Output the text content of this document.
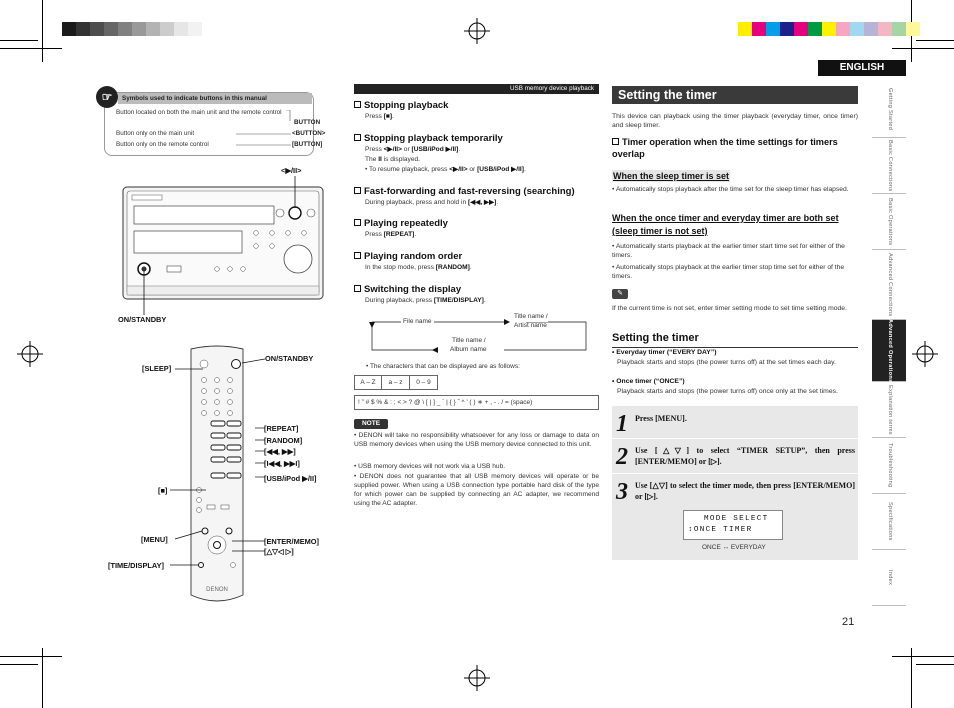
ENGLISH
Getting Started
Basic Connections
Basic Operations
Advanced Connections
Advanced Operations
Explanation terms
Troubleshooting
Specifications
Index
21
☞	Symbols used to indicate buttons in this manual
Button located on both the main unit and the remote control
BUTTON
Button only on the main unit	<BUTTON>
Button only on the remote control	[BUTTON]
<▶/II>
ON/STANDBY
DENON
[SLEEP]
ON/STANDBY
[REPEAT]
[RANDOM]
[◀◀, ▶▶]
[I◀◀, ▶▶I]
[■]
[USB/iPod ▶/II]
[MENU]	[ENTER/MEMO]
[△▽◁ ▷]
[TIME/DISPLAY]
USB memory device playback
Stopping playback
Press [■].
Stopping playback temporarily
Press <▶/II> or [USB/iPod ▶/II].
The II is displayed.
• To resume playback, press <▶/II> or [USB/iPod ▶/II].
Fast-forwarding and fast-reversing (searching)
During playback, press and hold in [◀◀, ▶▶].
Playing repeatedly
Press [REPEAT].
Playing random order
In the stop mode, press [RANDOM].
Switching the display
During playback, press [TIME/DISPLAY].
File name
Title name /
Artist name
Title name /
Album name
• The characters that can be displayed are as follows:
A – Z	a – z	0 – 9
! ” # $ % & : ; < > ? @ \ [ | ] _ ` | { } ˆ ^ ’ ( ) ∗ + , - . / = (space)
NOTE
• DENON will take no responsibility whatsoever for any loss or damage to data on USB memory devices when using the USB memory device connected to this unit.
• USB memory devices will not work via a USB hub.
• DENON does not guarantee that all USB memory devices will operate or be supplied power. When using a USB connection type portable hard disk of the type for which power can be supplied by connecting an AC adapter, we recommend using the AC adapter.
Setting the timer
This device can playback using the timer playback (everyday timer, once timer) and sleep timer.
Timer operation when the time settings for timers overlap
When the sleep timer is set
• Automatically stops playback after the time set for the sleep timer has elapsed.
When the once timer and everyday timer are both set (sleep timer is not set)
• Automatically starts playback at the earlier timer start time set for either of the timers.
• Automatically stops playback at the earlier timer stop time set for either of the timers.
✎
If the current time is not set, enter timer setting mode to set time setting mode.
Setting the timer
• Everyday timer (“EVERY DAY”)
Playback starts and stops (the power turns off) at the set times each day.
• Once timer (“ONCE”)
Playback starts and stops (the power turns off) once only at the set times.
1 Press [MENU].
2 Use [△▽] to select “TIMER SETUP”, then press [ENTER/MEMO] or [▷].
3 Use [△▽] to select the timer mode, then press [ENTER/MEMO] or [▷].
MODE SELECT
↕ONCE TIMER
ONCE ↔ EVERYDAY
